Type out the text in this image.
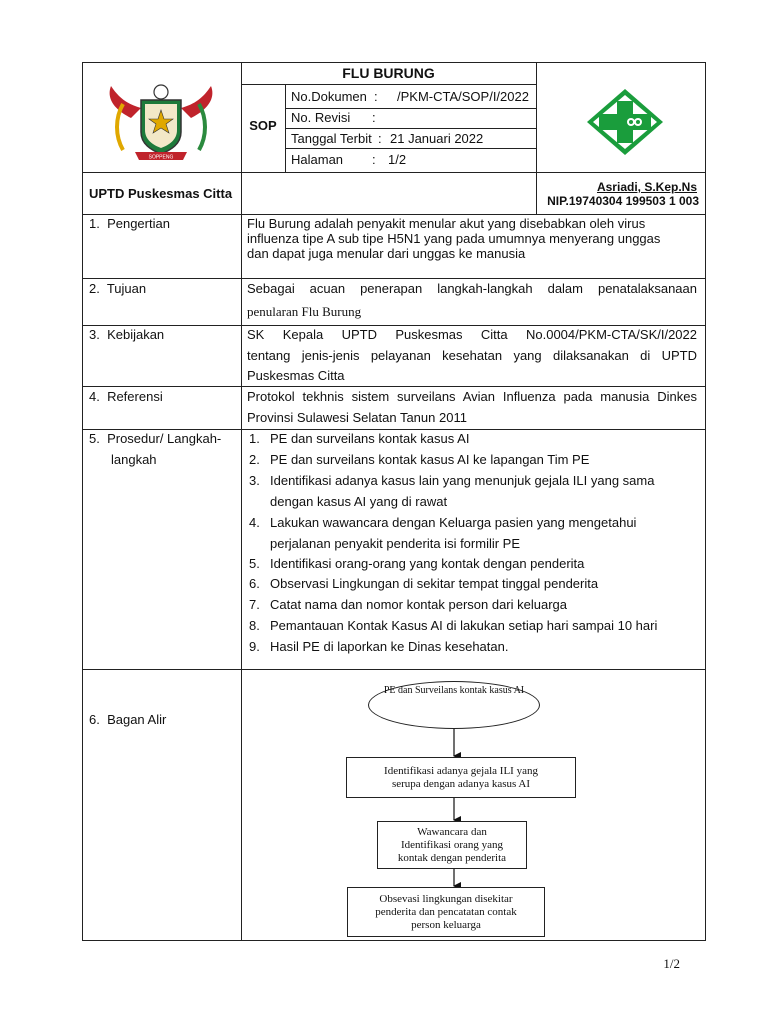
SOPPENG
FLU BURUNG
SOP
No.Dokumen : /PKM-CTA/SOP/I/2022
No. Revisi :
Tanggal Terbit : 21 Januari 2022
Halaman : 1/2
UPTD Puskesmas Citta	Asriadi, S.Kep.Ns
NIP.19740304 199503 1 003
1.  Pengertian
2.  Tujuan
3.  Kebijakan
4.  Referensi
5.  Prosedur/ Langkah-
langkah
6.  Bagan Alir
Flu Burung adalah penyakit menular akut yang disebabkan oleh virus
influenza tipe A sub tipe H5N1 yang pada umumnya menyerang unggas
dan dapat juga menular dari unggas ke manusia
Sebagai acuan penerapan langkah-langkah dalam penatalaksanaan
penularan Flu Burung
SK Kepala UPTD Puskesmas Citta No.0004/PKM-CTA/SK/I/2022
tentang jenis-jenis pelayanan kesehatan yang dilaksanakan di UPTD
Puskesmas Citta
Protokol tekhnis sistem surveilans Avian Influenza pada manusia Dinkes
Provinsi Sulawesi Selatan Tanun 2011
1. PE dan surveilans kontak kasus AI
2. PE dan surveilans kontak kasus AI ke lapangan Tim PE
3. Identifikasi adanya kasus lain yang menunjuk gejala ILI yang sama
dengan kasus AI yang di rawat
4. Lakukan wawancara dengan Keluarga pasien yang mengetahui
perjalanan penyakit penderita isi formilir PE
5. Identifikasi orang-orang yang kontak dengan penderita
6. Observasi Lingkungan di sekitar tempat tinggal penderita
7. Catat nama dan nomor kontak person dari keluarga
8. Pemantauan Kontak Kasus AI di lakukan setiap hari sampai 10 hari
9. Hasil PE di laporkan ke Dinas kesehatan.
PE dan Surveilans kontak kasus AI
Identifikasi adanya gejala ILI yang
serupa dengan adanya kasus AI
Wawancara dan
Identifikasi orang yang
kontak dengan penderita
Obsevasi lingkungan disekitar
penderita dan pencatatan contak
person keluarga
1/2
